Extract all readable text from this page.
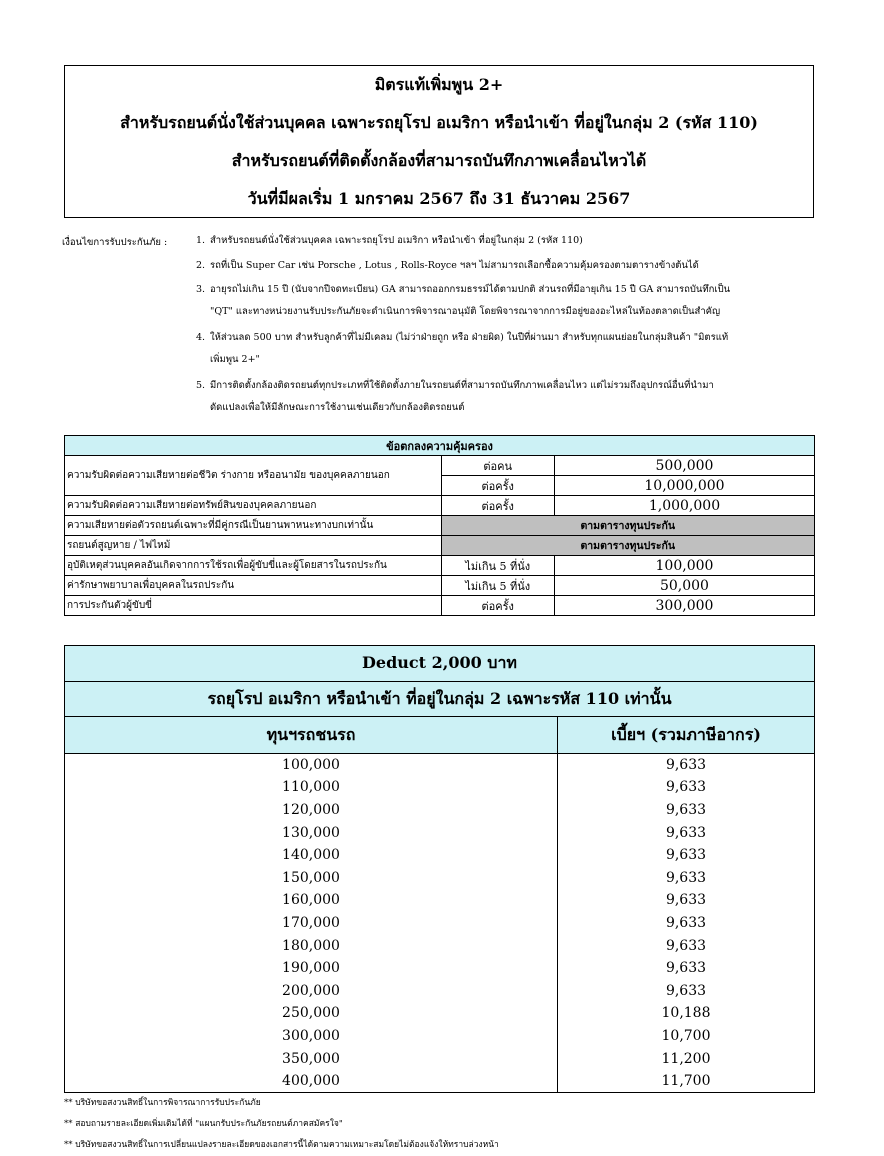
มิตรแท้เพิ่มพูน 2+
สำหรับรถยนต์นั่งใช้ส่วนบุคคล เฉพาะรถยุโรป อเมริกา หรือนำเข้า ที่อยู่ในกลุ่ม 2 (รหัส 110)
สำหรับรถยนต์ที่ติดตั้งกล้องที่สามารถบันทึกภาพเคลื่อนไหวได้
วันที่มีผลเริ่ม 1 มกราคม 2567 ถึง 31 ธันวาคม 2567
เงื่อนไขการรับประกันภัย :	1. สำหรับรถยนต์นั่งใช้ส่วนบุคคล เฉพาะรถยุโรป อเมริกา หรือนำเข้า ที่อยู่ในกลุ่ม 2 (รหัส 110)
2. รถที่เป็น Super Car เช่น Porsche , Lotus , Rolls-Royce ฯลฯ ไม่สามารถเลือกซื้อความคุ้มครองตามตารางข้างต้นได้
3. อายุรถไม่เกิน 15 ปี (นับจากปีจดทะเบียน) GA สามารถออกกรมธรรม์ได้ตามปกติ ส่วนรถที่มีอายุเกิน 15 ปี GA สามารถบันทึกเป็น
"QT" และทางหน่วยงานรับประกันภัยจะดำเนินการพิจารณาอนุมัติ โดยพิจารณาจากการมีอยู่ของอะไหล่ในท้องตลาดเป็นสำคัญ
4. ให้ส่วนลด 500 บาท สำหรับลูกค้าที่ไม่มีเคลม (ไม่ว่าฝ่ายถูก หรือ ฝ่ายผิด) ในปีที่ผ่านมา สำหรับทุกแผนย่อยในกลุ่มสินค้า "มิตรแท้
เพิ่มพูน 2+"
5. มีการติดตั้งกล้องติดรถยนต์ทุกประเภทที่ใช้ติดตั้งภายในรถยนต์ที่สามารถบันทึกภาพเคลื่อนไหว แต่ไม่รวมถึงอุปกรณ์อื่นที่นำมา
ดัดแปลงเพื่อให้มีลักษณะการใช้งานเช่นเดียวกับกล้องติดรถยนต์
ข้อตกลงความคุ้มครอง		
ความรับผิดต่อความเสียหายต่อชีวิต ร่างกาย หรืออนามัย ของบุคคลภายนอก	ต่อคน	500,000
	ต่อครั้ง	10,000,000
ความรับผิดต่อความเสียหายต่อทรัพย์สินของบุคคลภายนอก	ต่อครั้ง	1,000,000
ความเสียหายต่อตัวรถยนต์เฉพาะที่มีคู่กรณีเป็นยานพาหนะทางบกเท่านั้น	ตามตารางทุนประกัน	
รถยนต์สูญหาย / ไฟไหม้	ตามตารางทุนประกัน	
อุบัติเหตุส่วนบุคคลอันเกิดจากการใช้รถเพื่อผู้ขับขี่และผู้โดยสารในรถประกัน	ไม่เกิน 5 ที่นั่ง	100,000
ค่ารักษาพยาบาลเพื่อบุคคลในรถประกัน	ไม่เกิน 5 ที่นั่ง	50,000
การประกันตัวผู้ขับขี่	ต่อครั้ง	300,000
Deduct 2,000 บาท	
รถยุโรป อเมริกา หรือนำเข้า ที่อยู่ในกลุ่ม 2 เฉพาะรหัส 110 เท่านั้น	
ทุนฯรถชนรถ	เบี้ยฯ (รวมภาษีอากร)
100,000	9,633
110,000	9,633
120,000	9,633
130,000	9,633
140,000	9,633
150,000	9,633
160,000	9,633
170,000	9,633
180,000	9,633
190,000	9,633
200,000	9,633
250,000	10,188
300,000	10,700
350,000	11,200
400,000	11,700
** บริษัทขอสงวนสิทธิ์ในการพิจารณาการรับประกันภัย
** สอบถามรายละเอียดเพิ่มเติมได้ที่ "แผนกรับประกันภัยรถยนต์ภาคสมัครใจ"
** บริษัทขอสงวนสิทธิ์ในการเปลี่ยนแปลงรายละเอียดของเอกสารนี้ได้ตามความเหมาะสมโดยไม่ต้องแจ้งให้ทราบล่วงหน้า
